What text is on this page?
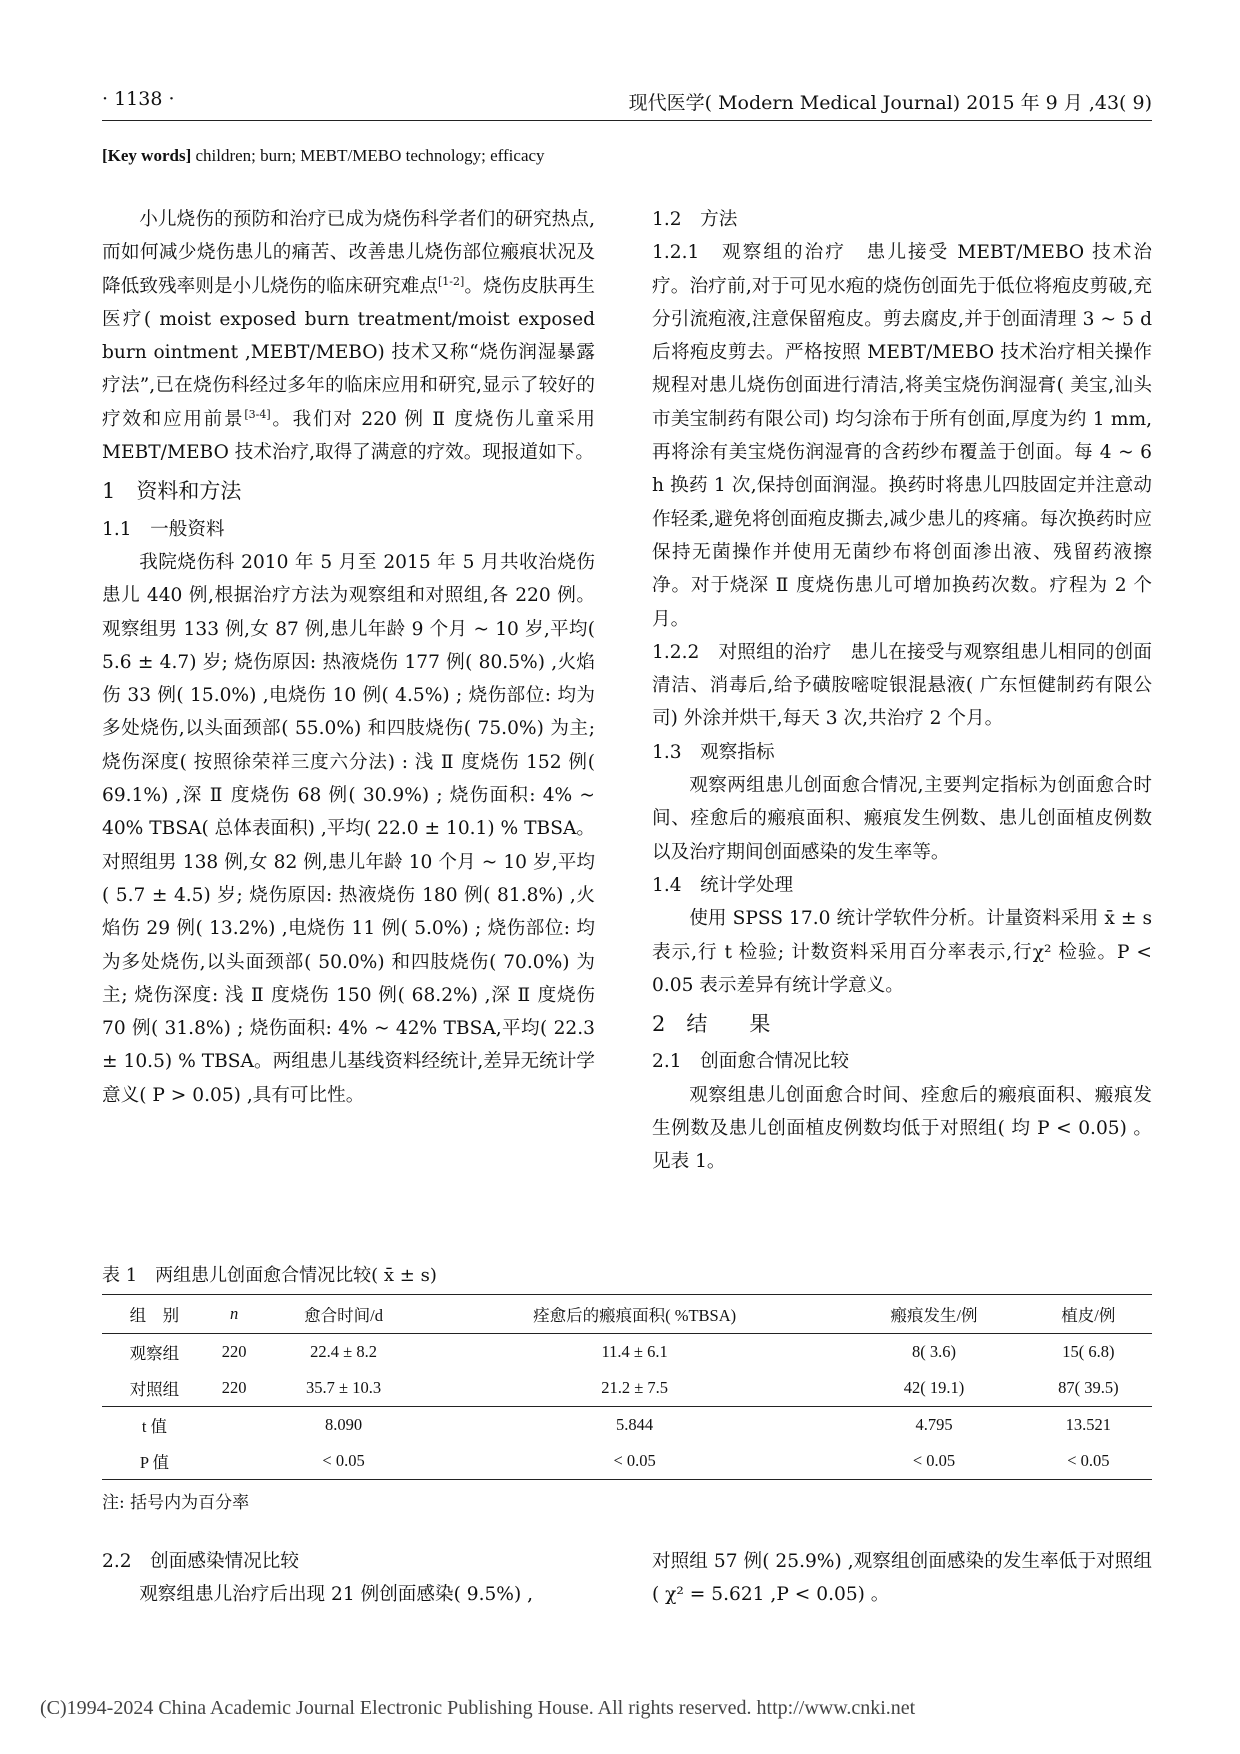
· 1138 ·	现代医学( Modern Medical Journal) 2015 年 9 月 ,43( 9)
[Key words] children; burn; MEBT/MEBO technology; efficacy

小儿烧伤的预防和治疗已成为烧伤科学者们的研究热点,而如何减少烧伤患儿的痛苦、改善患儿烧伤部位瘢痕状况及降低致残率则是小儿烧伤的临床研究难点[1-2]。烧伤皮肤再生医疗( moist exposed burn treatment/moist exposed burn ointment ,MEBT/MEBO) 技术又称“烧伤润湿暴露疗法”,已在烧伤科经过多年的临床应用和研究,显示了较好的疗效和应用前景[3-4]。我们对 220 例 Ⅱ 度烧伤儿童采用 MEBT/MEBO 技术治疗,取得了满意的疗效。现报道如下。

1　资料和方法

1.1　一般资料

我院烧伤科 2010 年 5 月至 2015 年 5 月共收治烧伤患儿 440 例,根据治疗方法为观察组和对照组,各 220 例。观察组男 133 例,女 87 例,患儿年龄 9 个月 ~ 10 岁,平均( 5.6 ± 4.7) 岁; 烧伤原因: 热液烧伤 177 例( 80.5%) ,火焰伤 33 例( 15.0%) ,电烧伤 10 例( 4.5%) ; 烧伤部位: 均为多处烧伤,以头面颈部( 55.0%) 和四肢烧伤( 75.0%) 为主; 烧伤深度( 按照徐荣祥三度六分法) : 浅 Ⅱ 度烧伤 152 例( 69.1%) ,深 Ⅱ 度烧伤 68 例( 30.9%) ; 烧伤面积: 4% ~ 40% TBSA( 总体表面积) ,平均( 22.0 ± 10.1) % TBSA。对照组男 138 例,女 82 例,患儿年龄 10 个月 ~ 10 岁,平均( 5.7 ± 4.5) 岁; 烧伤原因: 热液烧伤 180 例( 81.8%) ,火焰伤 29 例( 13.2%) ,电烧伤 11 例( 5.0%) ; 烧伤部位: 均为多处烧伤,以头面颈部( 50.0%) 和四肢烧伤( 70.0%) 为主; 烧伤深度: 浅 Ⅱ 度烧伤 150 例( 68.2%) ,深 Ⅱ 度烧伤 70 例( 31.8%) ; 烧伤面积: 4% ~ 42% TBSA,平均( 22.3 ± 10.5) % TBSA。两组患儿基线资料经统计,差异无统计学意义( P > 0.05) ,具有可比性。

1.2　方法

1.2.1　观察组的治疗　患儿接受 MEBT/MEBO 技术治疗。治疗前,对于可见水疱的烧伤创面先于低位将疱皮剪破,充分引流疱液,注意保留疱皮。剪去腐皮,并于创面清理 3 ~ 5 d 后将疱皮剪去。严格按照 MEBT/MEBO 技术治疗相关操作规程对患儿烧伤创面进行清洁,将美宝烧伤润湿膏( 美宝,汕头市美宝制药有限公司) 均匀涂布于所有创面,厚度为约 1 mm,再将涂有美宝烧伤润湿膏的含药纱布覆盖于创面。每 4 ~ 6 h 换药 1 次,保持创面润湿。换药时将患儿四肢固定并注意动作轻柔,避免将创面疱皮撕去,减少患儿的疼痛。每次换药时应保持无菌操作并使用无菌纱布将创面渗出液、残留药液擦净。对于烧深 Ⅱ 度烧伤患儿可增加换药次数。疗程为 2 个月。

1.2.2　对照组的治疗　患儿在接受与观察组患儿相同的创面清洁、消毒后,给予磺胺嘧啶银混悬液( 广东恒健制药有限公司) 外涂并烘干,每天 3 次,共治疗 2 个月。

1.3　观察指标

观察两组患儿创面愈合情况,主要判定指标为创面愈合时间、痊愈后的瘢痕面积、瘢痕发生例数、患儿创面植皮例数以及治疗期间创面感染的发生率等。

1.4　统计学处理

使用 SPSS 17.0 统计学软件分析。计量资料采用 x̄ ± s 表示,行 t 检验; 计数资料采用百分率表示,行χ² 检验。P < 0.05 表示差异有统计学意义。

2　结　　果

2.1　创面愈合情况比较

观察组患儿创面愈合时间、痊愈后的瘢痕面积、瘢痕发生例数及患儿创面植皮例数均低于对照组( 均 P < 0.05) 。见表 1。

表 1　两组患儿创面愈合情况比较( x̄ ± s)
组　别	n	愈合时间/d	痊愈后的瘢痕面积( %TBSA)	瘢痕发生/例	植皮/例
观察组	220	22.4 ± 8.2	11.4 ± 6.1	8( 3.6)	15( 6.8)
对照组	220	35.7 ± 10.3	21.2 ± 7.5	42( 19.1)	87( 39.5)
t 值		8.090	5.844	4.795	13.521
P 值		< 0.05	< 0.05	< 0.05	< 0.05
注: 括号内为百分率

2.2　创面感染情况比较

观察组患儿治疗后出现 21 例创面感染( 9.5%) ,

对照组 57 例( 25.9%) ,观察组创面感染的发生率低于对照组( χ² = 5.621 ,P < 0.05) 。

(C)1994-2024 China Academic Journal Electronic Publishing House. All rights reserved. http://www.cnki.net
